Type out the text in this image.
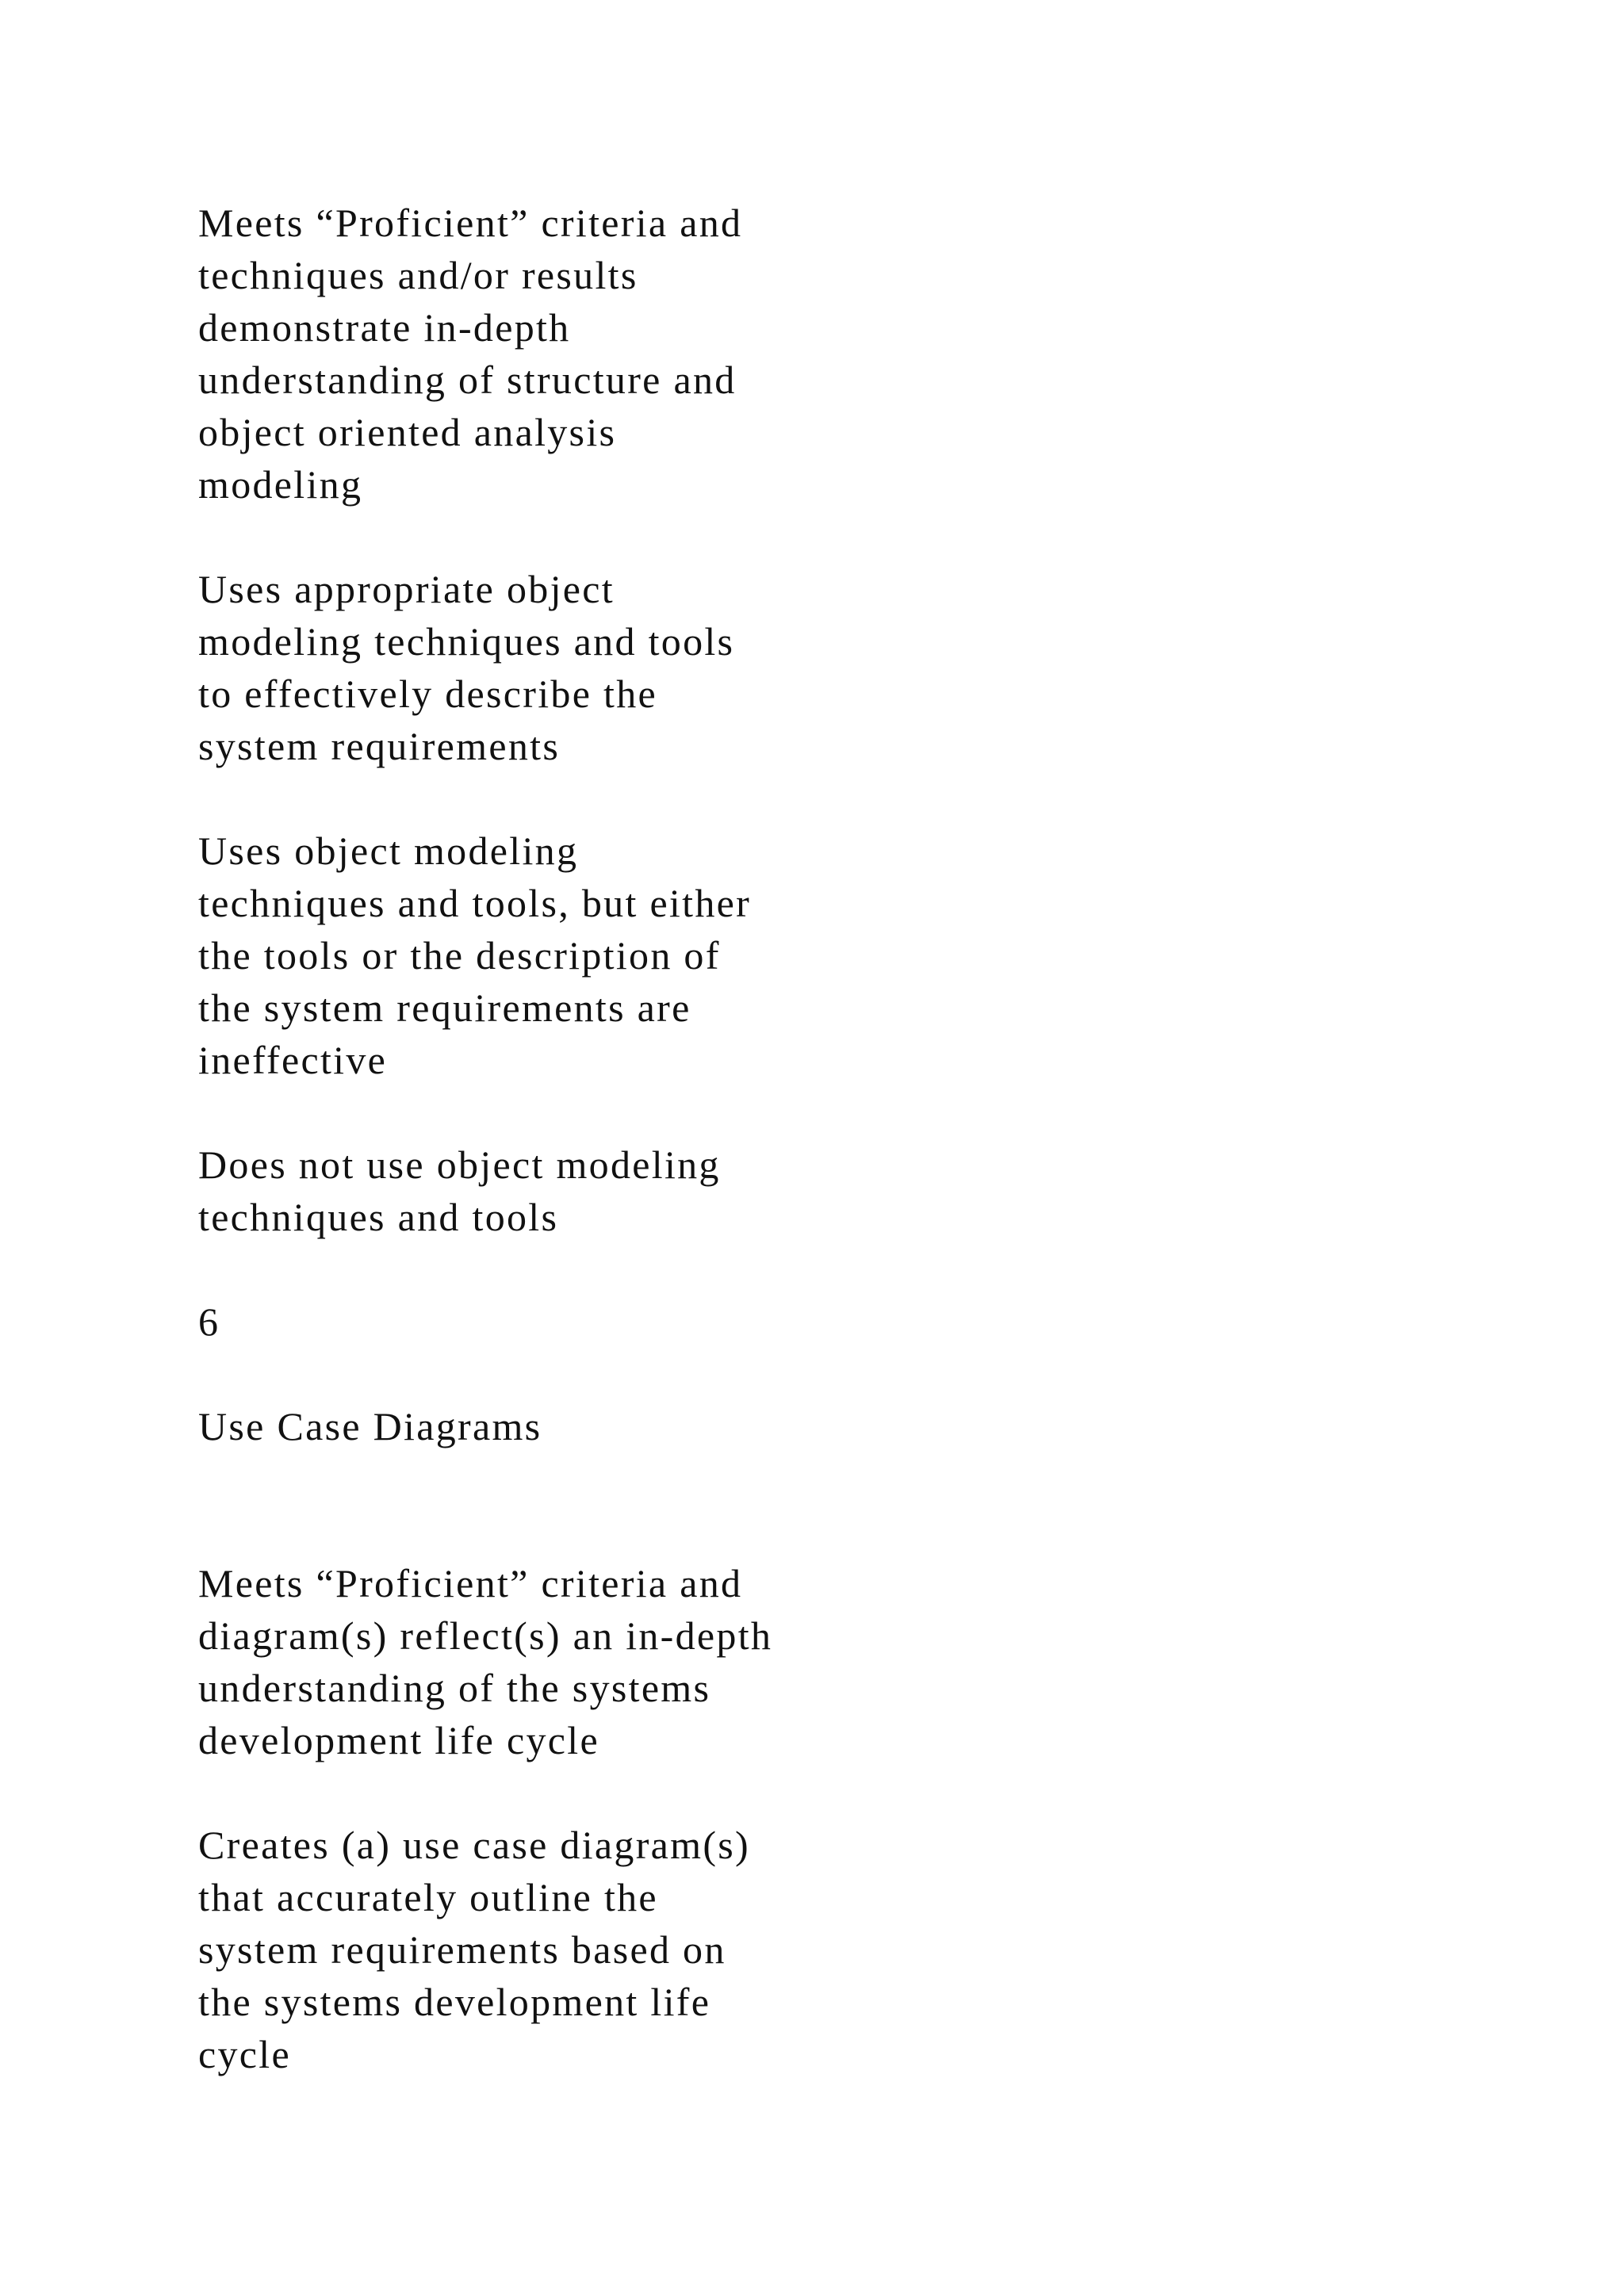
Meets “Proficient” criteria and
techniques and/or results
demonstrate in-depth
understanding of structure and
object oriented analysis
modeling

Uses appropriate object
modeling techniques and tools
to effectively describe the
system requirements

Uses object modeling
techniques and tools, but either
the tools or the description of
the system requirements are
ineffective

Does not use object modeling
techniques and tools

6

Use Case Diagrams

Meets “Proficient” criteria and
diagram(s) reflect(s) an in-depth
understanding of the systems
development life cycle

Creates (a) use case diagram(s)
that accurately outline the
system requirements based on
the systems development life
cycle
